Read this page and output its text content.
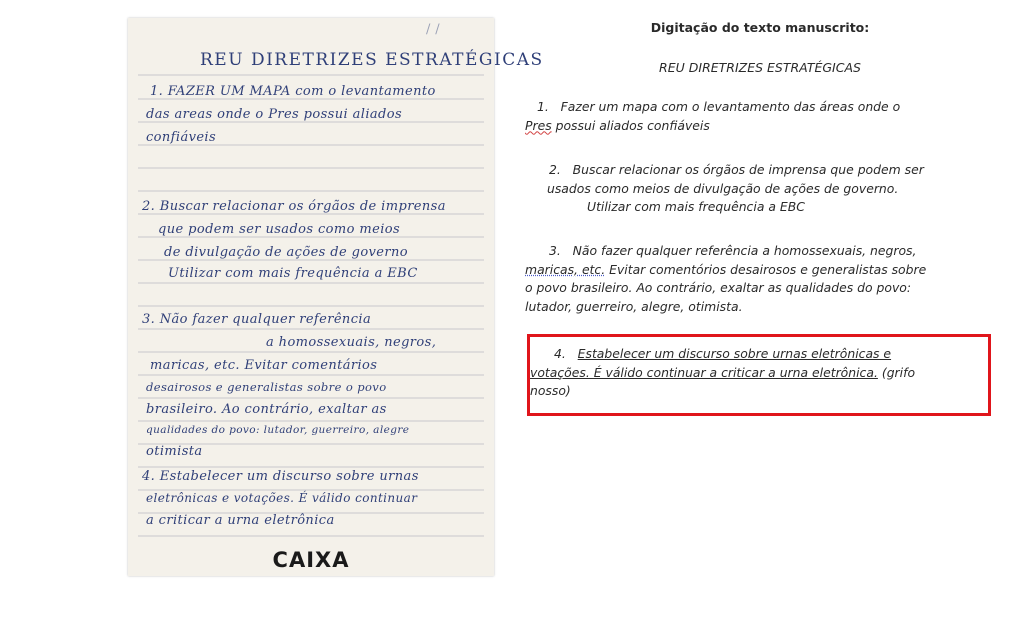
/ /
REU DIRETRIZES ESTRATÉGICAS
1. FAZER UM MAPA com o levantamento
das areas onde o Pres possui aliados
confiáveis
2. Buscar relacionar os órgãos de imprensa
que podem ser usados como meios
de divulgação de ações de governo
Utilizar com mais frequência a EBC
3. Não fazer qualquer referência
a homossexuais, negros,
maricas, etc. Evitar comentários
desairosos e generalistas sobre o povo
brasileiro. Ao contrário, exaltar as
qualidades do povo: lutador, guerreiro, alegre
otimista
4. Estabelecer um discurso sobre urnas
eletrônicas e votações. É válido continuar
a criticar a urna eletrônica
CAIXA
Digitação do texto manuscrito:
REU DIRETRIZES ESTRATÉGICAS
1. Fazer um mapa com o levantamento das áreas onde o
Pres possui aliados confiáveis
2. Buscar relacionar os órgãos de imprensa que podem ser
usados como meios de divulgação de ações de governo.

Utilizar com mais frequência a EBC
3. Não fazer qualquer referência a homossexuais, negros,
maricas, etc. Evitar comentórios desairosos e generalistas sobre
o povo brasileiro. Ao contrário, exaltar as qualidades do povo:
lutador, guerreiro, alegre, otimista.
4. Estabelecer um discurso sobre urnas eletrônicas e
votações. É válido continuar a criticar a urna eletrônica. (grifo
nosso)
